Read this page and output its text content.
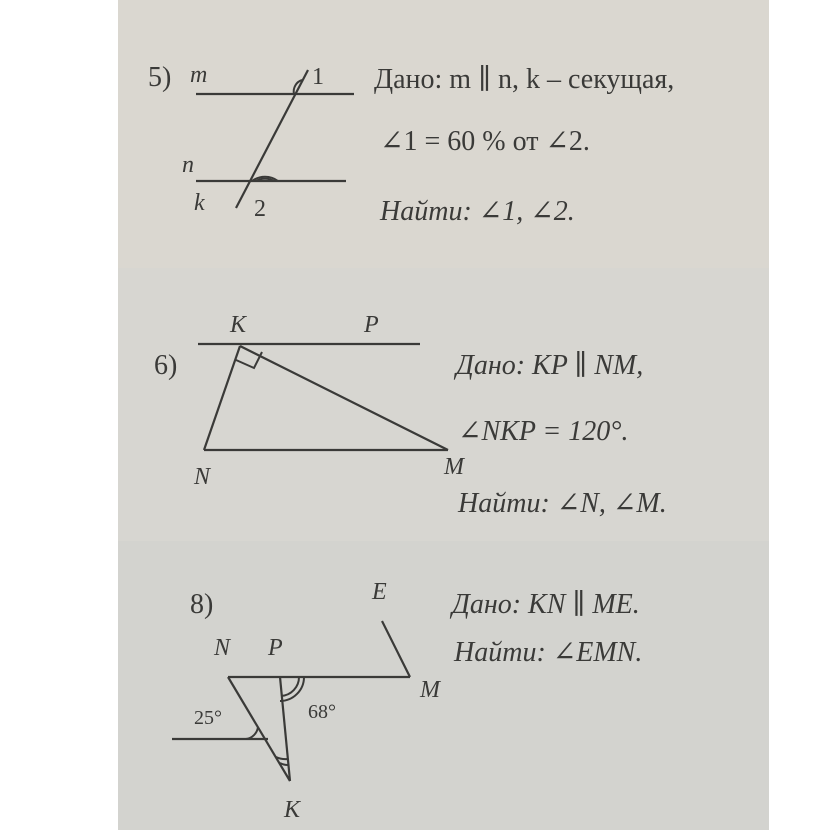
5) m	1
n
k 2
Дано: m ∥ n, k – секущая,
∠1 = 60 % от ∠2.
Найти: ∠1, ∠2.
6)
K	P
N	M
Дано: KP ∥ NM,
∠NKP = 120°.
Найти: ∠N, ∠M.
8)	E
N P
M
K
25°	68°
Дано: KN ∥ ME.
Найти: ∠EMN.
